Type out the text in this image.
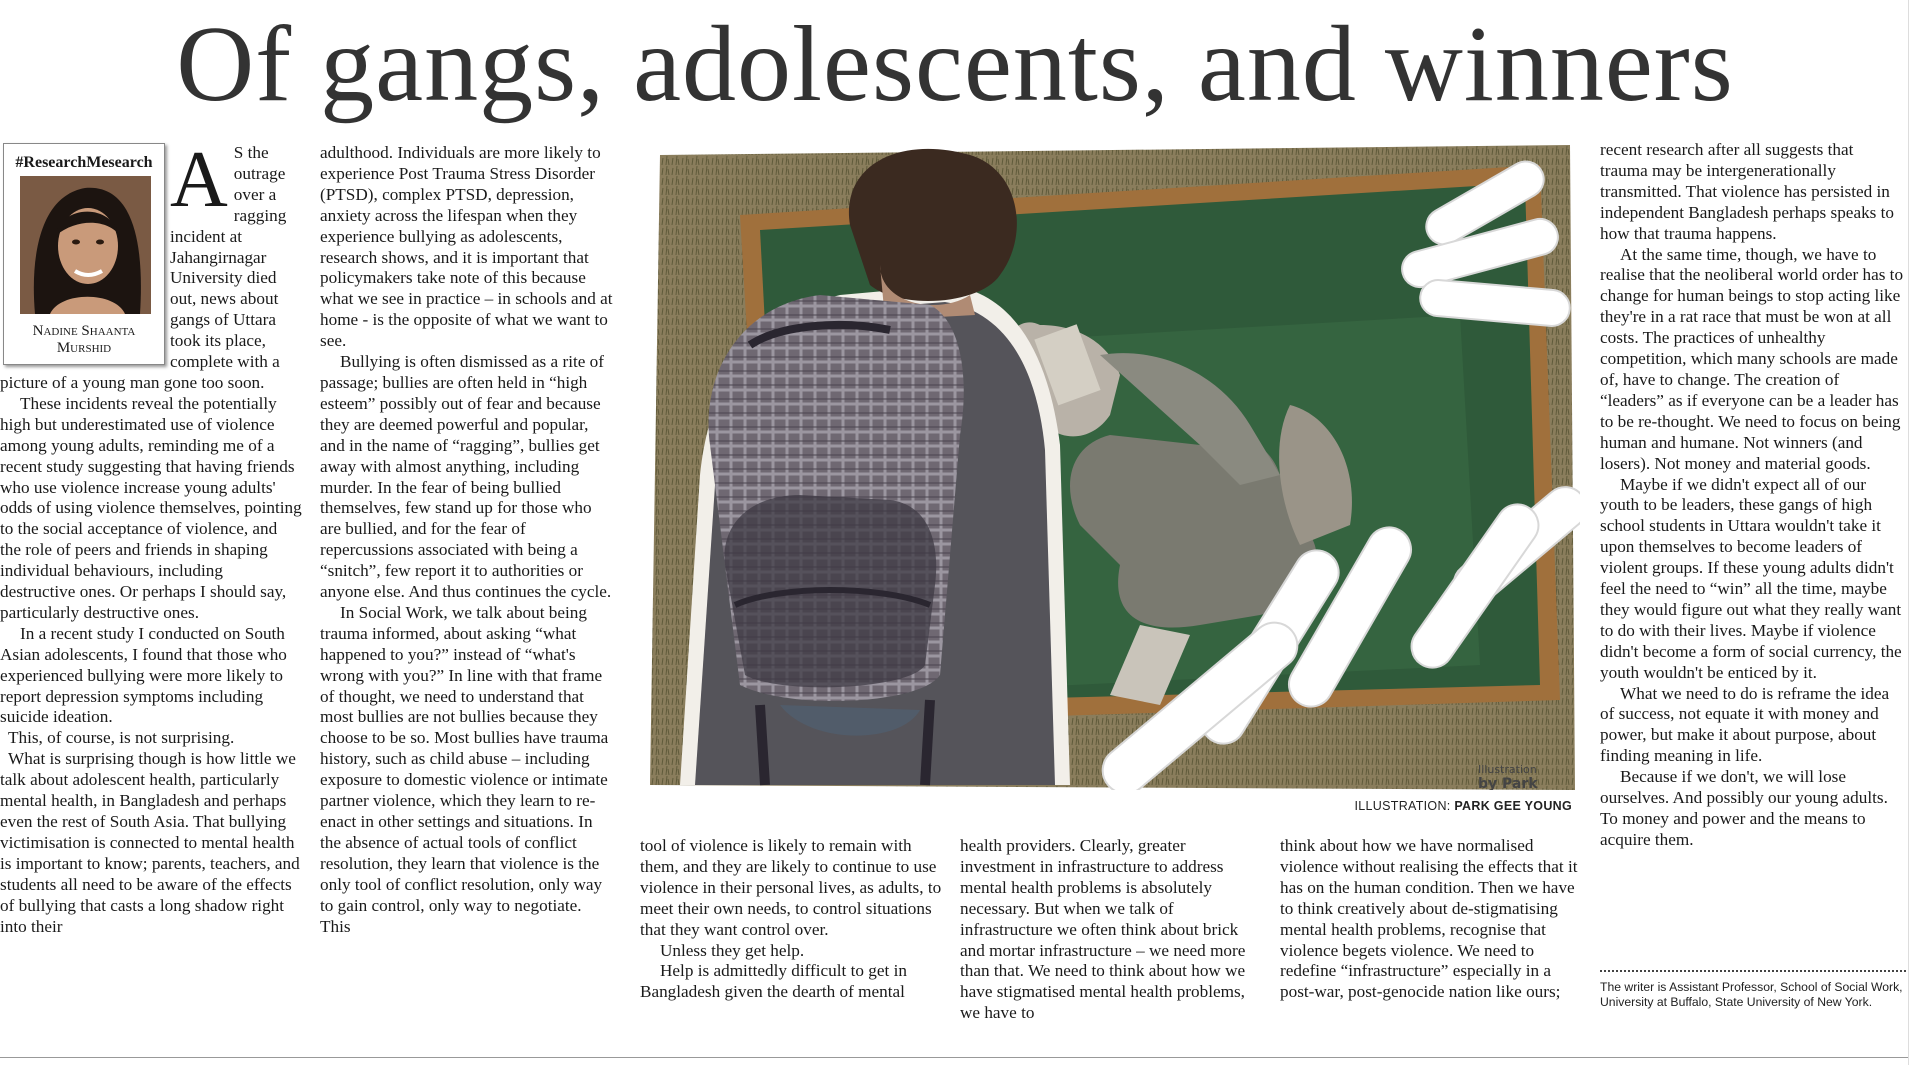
Of gangs, adolescents, and winners
#ResearchMesearch
Nadine Shaanta
Murshid

A S the outrage over a ragging incident at Jahangirnagar University died out, news about gangs of Uttara took its place, complete with a picture of a young man gone too soon.

These incidents reveal the potentially high but underestimated use of violence among young adults, reminding me of a recent study suggesting that having friends who use violence increase young adults' odds of using violence themselves, pointing to the social acceptance of violence, and the role of peers and friends in shaping individual behaviours, including destructive ones. Or perhaps I should say, particularly destructive ones.

In a recent study I conducted on South Asian adolescents, I found that those who experienced bullying were more likely to report depression symptoms including suicide ideation.

This, of course, is not surprising.

What is surprising though is how little we talk about adolescent health, particularly mental health, in Bangladesh and perhaps even the rest of South Asia. That bullying victimisation is connected to mental health is important to know; parents, teachers, and students all need to be aware of the effects of bullying that casts a long shadow right into their

adulthood. Individuals are more likely to experience Post Trauma Stress Disorder (PTSD), complex PTSD, depression, anxiety across the lifespan when they experience bullying as adolescents, research shows, and it is important that policymakers take note of this because what we see in practice – in schools and at home - is the opposite of what we want to see.

Bullying is often dismissed as a rite of passage; bullies are often held in “high esteem” possibly out of fear and because they are deemed powerful and popular, and in the name of “ragging”, bullies get away with almost anything, including murder. In the fear of being bullied themselves, few stand up for those who are bullied, and for the fear of repercussions associated with being a “snitch”, few report it to authorities or anyone else. And thus continues the cycle.

In Social Work, we talk about being trauma informed, about asking “what happened to you?” instead of “what's wrong with you?” In line with that frame of thought, we need to understand that most bullies are not bullies because they choose to be so. Most bullies have trauma history, such as child abuse – including exposure to domestic violence or intimate partner violence, which they learn to re-enact in other settings and situations. In the absence of actual tools of conflict resolution, they learn that violence is the only tool of conflict resolution, only way to gain control, only way to negotiate. This

Illustration
by Park
ILLUSTRATION: PARK GEE YOUNG

tool of violence is likely to remain with them, and they are likely to continue to use violence in their personal lives, as adults, to meet their own needs, to control situations that they want control over.

Unless they get help.

Help is admittedly difficult to get in Bangladesh given the dearth of mental

health providers. Clearly, greater investment in infrastructure to address mental health problems is absolutely necessary. But when we talk of infrastructure we often think about brick and mortar infrastructure – we need more than that. We need to think about how we have stigmatised mental health problems, we have to

think about how we have normalised violence without realising the effects that it has on the human condition. Then we have to think creatively about de-stigmatising mental health problems, recognise that violence begets violence. We need to redefine “infrastructure” especially in a post-war, post-genocide nation like ours;

recent research after all suggests that trauma may be intergenerationally transmitted. That violence has persisted in independent Bangladesh perhaps speaks to how that trauma happens.

At the same time, though, we have to realise that the neoliberal world order has to change for human beings to stop acting like they're in a rat race that must be won at all costs. The practices of unhealthy competition, which many schools are made of, have to change. The creation of “leaders” as if everyone can be a leader has to be re-thought. We need to focus on being human and humane. Not winners (and losers). Not money and material goods.

Maybe if we didn't expect all of our youth to be leaders, these gangs of high school students in Uttara wouldn't take it upon themselves to become leaders of violent groups. If these young adults didn't feel the need to “win” all the time, maybe they would figure out what they really want to do with their lives. Maybe if violence didn't become a form of social currency, the youth wouldn't be enticed by it.

What we need to do is reframe the idea of success, not equate it with money and power, but make it about purpose, about finding meaning in life.

Because if we don't, we will lose ourselves. And possibly our young adults. To money and power and the means to acquire them.

The writer is Assistant Professor, School of Social Work, University at Buffalo, State University of New York.
